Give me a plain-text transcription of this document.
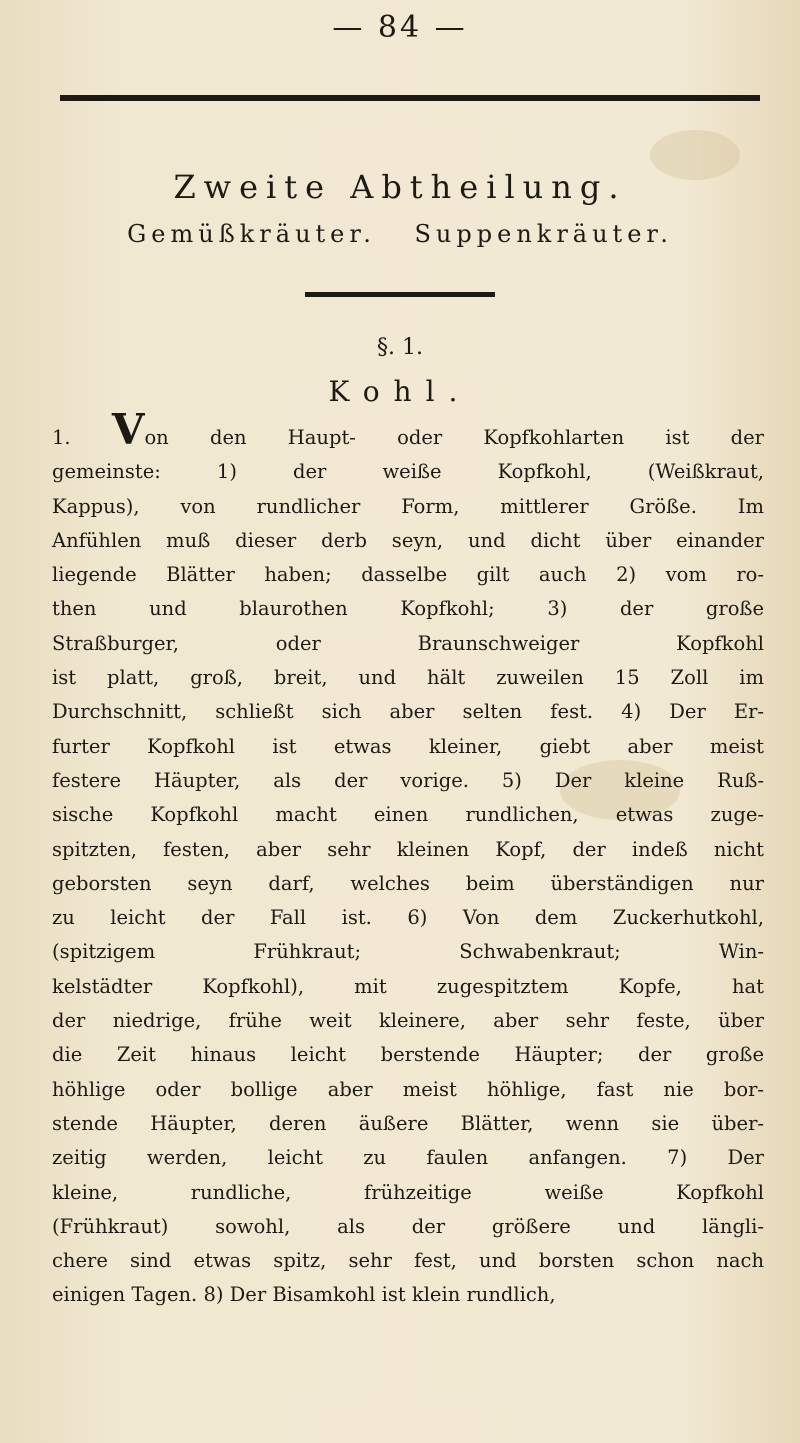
— 84 —
Zweite Abtheilung.
Gemüßkräuter. Suppenkräuter.
§. 1.
Kohl.

1. Von den Haupt- oder Kopfkohlarten ist der

gemeinste: 1) der weiße Kopfkohl, (Weißkraut,

Kappus), von rundlicher Form, mittlerer Größe. Im

Anfühlen muß dieser derb seyn, und dicht über einander

liegende Blätter haben; dasselbe gilt auch 2) vom ro-

then und blaurothen Kopfkohl; 3) der große

Straßburger, oder Braunschweiger Kopfkohl

ist platt, groß, breit, und hält zuweilen 15 Zoll im

Durchschnitt, schließt sich aber selten fest. 4) Der Er-

furter Kopfkohl ist etwas kleiner, giebt aber meist

festere Häupter, als der vorige. 5) Der kleine Ruß-

sische Kopfkohl macht einen rundlichen, etwas zuge-

spitzten, festen, aber sehr kleinen Kopf, der indeß nicht

geborsten seyn darf, welches beim überständigen nur

zu leicht der Fall ist. 6) Von dem Zuckerhutkohl,

(spitzigem Frühkraut; Schwabenkraut; Win-

kelstädter Kopfkohl), mit zugespitztem Kopfe, hat

der niedrige, frühe weit kleinere, aber sehr feste, über

die Zeit hinaus leicht berstende Häupter; der große

höhlige oder bollige aber meist höhlige, fast nie bor-

stende Häupter, deren äußere Blätter, wenn sie über-

zeitig werden, leicht zu faulen anfangen. 7) Der

kleine, rundliche, frühzeitige weiße Kopfkohl

(Frühkraut) sowohl, als der größere und längli-

chere sind etwas spitz, sehr fest, und borsten schon nach

einigen Tagen. 8) Der Bisamkohl ist klein rundlich,
